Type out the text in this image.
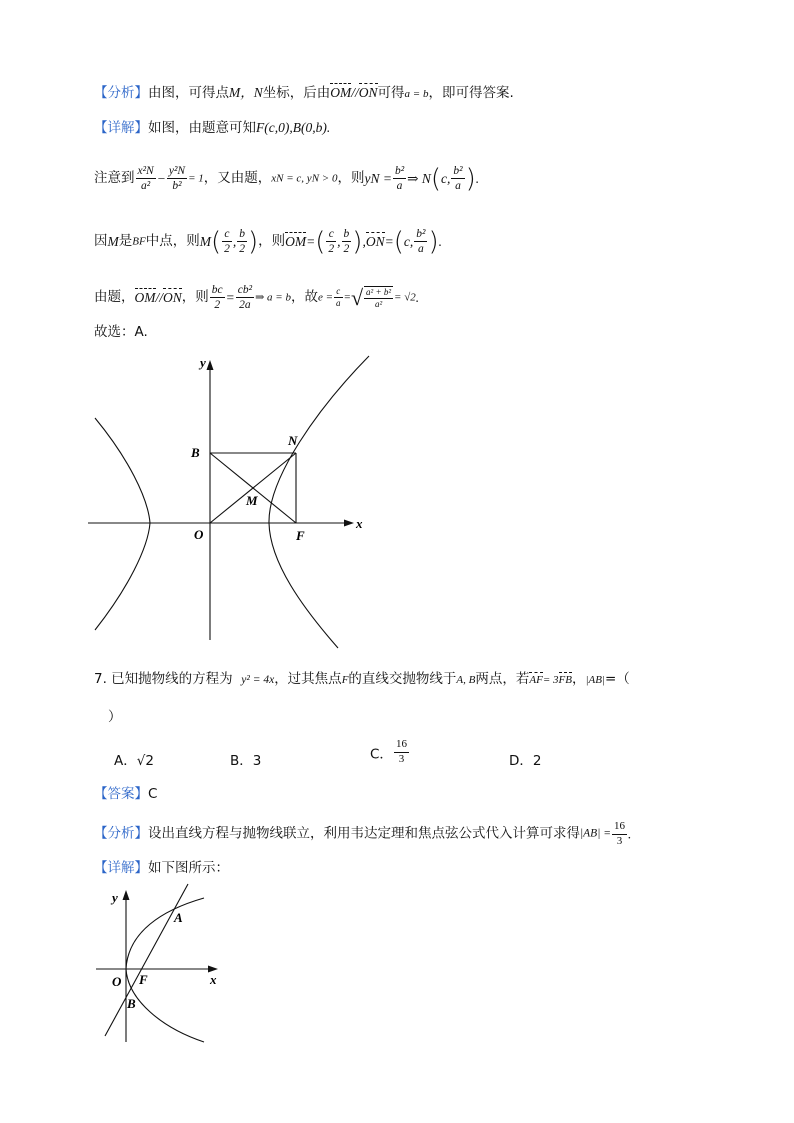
【分析】由图，可得点M，N坐标，后由OM//ON可得a = b，即可得答案.
【详解】如图，由题意可知F(c,0),B(0,b).
注意到 $\frac{\text{x²N}}{\text{a²}} - \frac{\text{y²N}}{\text{b²}} = 1$，又由题，xN = c, yN > 0，则yN = $\frac{\text{b²}}{a}$ ⇒ N(c, $\frac{\text{b²}}{a}$ ).
因M是BF中点，则$M( \frac{c}{2}$ , $\frac{b}{2}$ )，则$OM=( \frac{c}{2}$ , $\frac{b}{2} ),ON=(c$, $\frac{\text{b²}}{a}$ ).
由题，OM//ON，则 $\frac{bc}{2} = \frac{\text{cb²}}{2a}$ ⇒ a = b，故$e = \frac{c}{a}$ =√ $\frac{\text{a² + b²}}{\text{a²}} = √2$.
故选：A.
y
x
B
N
M
O	F
7. 已知抛物线的方程为 y² = 4x，过其焦点F的直线交抛物线于A, B两点，若AF= 3FB，|AB|=（
）
A．√2	B．3	C． $\frac{16}{3}$	D．2
【答案】C
【分析】设出直线方程与抛物线联立，利用韦达定理和焦点弦公式代入计算可求得$|AB| = \frac{16}{3}$ .
【详解】如下图所示：
y
x
A
O F
B
